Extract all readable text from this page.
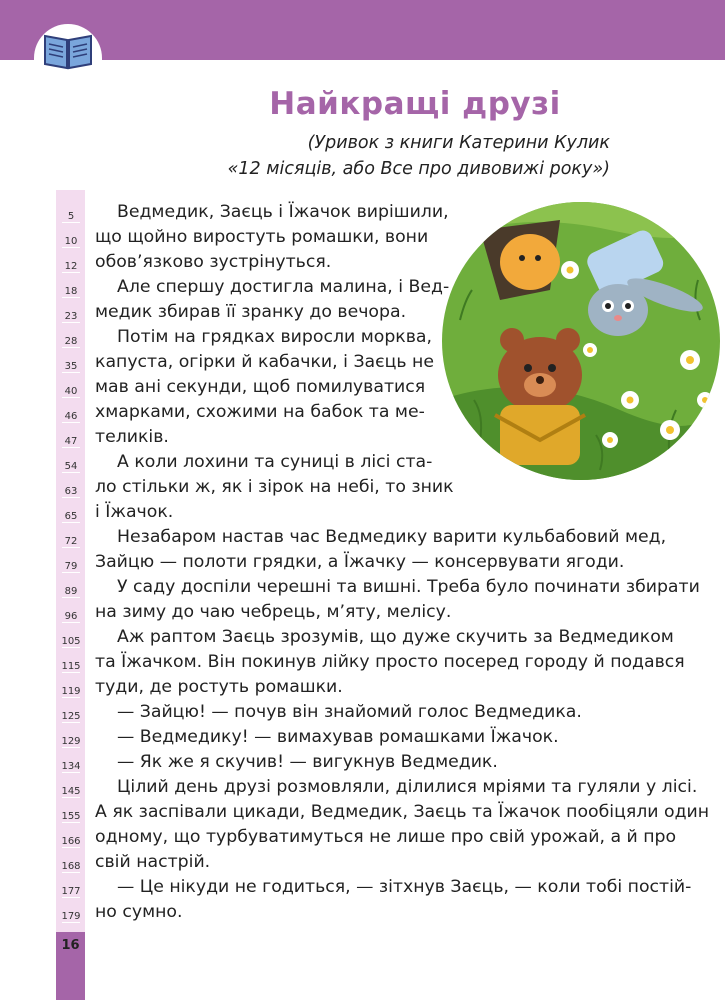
Найкращі друзі
(Уривок з книги Катерини Кулик
«12 місяців, або Все про дивовижі року»)
5
10
12
18
23
28
35
40
46
47
54
63
65
72
79
89
96
105
115
119
125
129
134
145
155
166
168
177
179
Ведмедик, Заєць і Їжачок вирішили,
що щойно виростуть ромашки, вони
обов’язково зустрінуться.
Але спершу достигла малина, і Вед-
медик збирав її зранку до вечора.
Потім на грядках виросли морква,
капуста, огірки й кабачки, і Заєць не
мав ані секунди, щоб помилуватися
хмарками, схожими на бабок та ме-
теликів.
А коли лохини та суниці в лісі ста-
ло стільки ж, як і зірок на небі, то зник
і Їжачок.
Незабаром настав час Ведмедику варити кульбабовий мед,
Зайцю — полоти грядки, а Їжачку — консервувати ягоди.
У саду доспіли черешні та вишні. Треба було починати збирати
на зиму до чаю чебрець, м’яту, мелісу.
Аж раптом Заєць зрозумів, що дуже скучить за Ведмедиком
та Їжачком. Він покинув лійку просто посеред городу й подався
туди, де ростуть ромашки.
— Зайцю! — почув він знайомий голос Ведмедика.
— Ведмедику! — вимахував ромашками Їжачок.
— Як же я скучив! — вигукнув Ведмедик.
Цілий день друзі розмовляли, ділилися мріями та гуляли у лісі.
А як заспівали цикади, Ведмедик, Заєць та Їжачок пообіцяли один
одному, що турбуватимуться не лише про свій урожай, а й про
свій настрій.
— Це нікуди не годиться, — зітхнув Заєць, — коли тобі постій-
но сумно.
16
